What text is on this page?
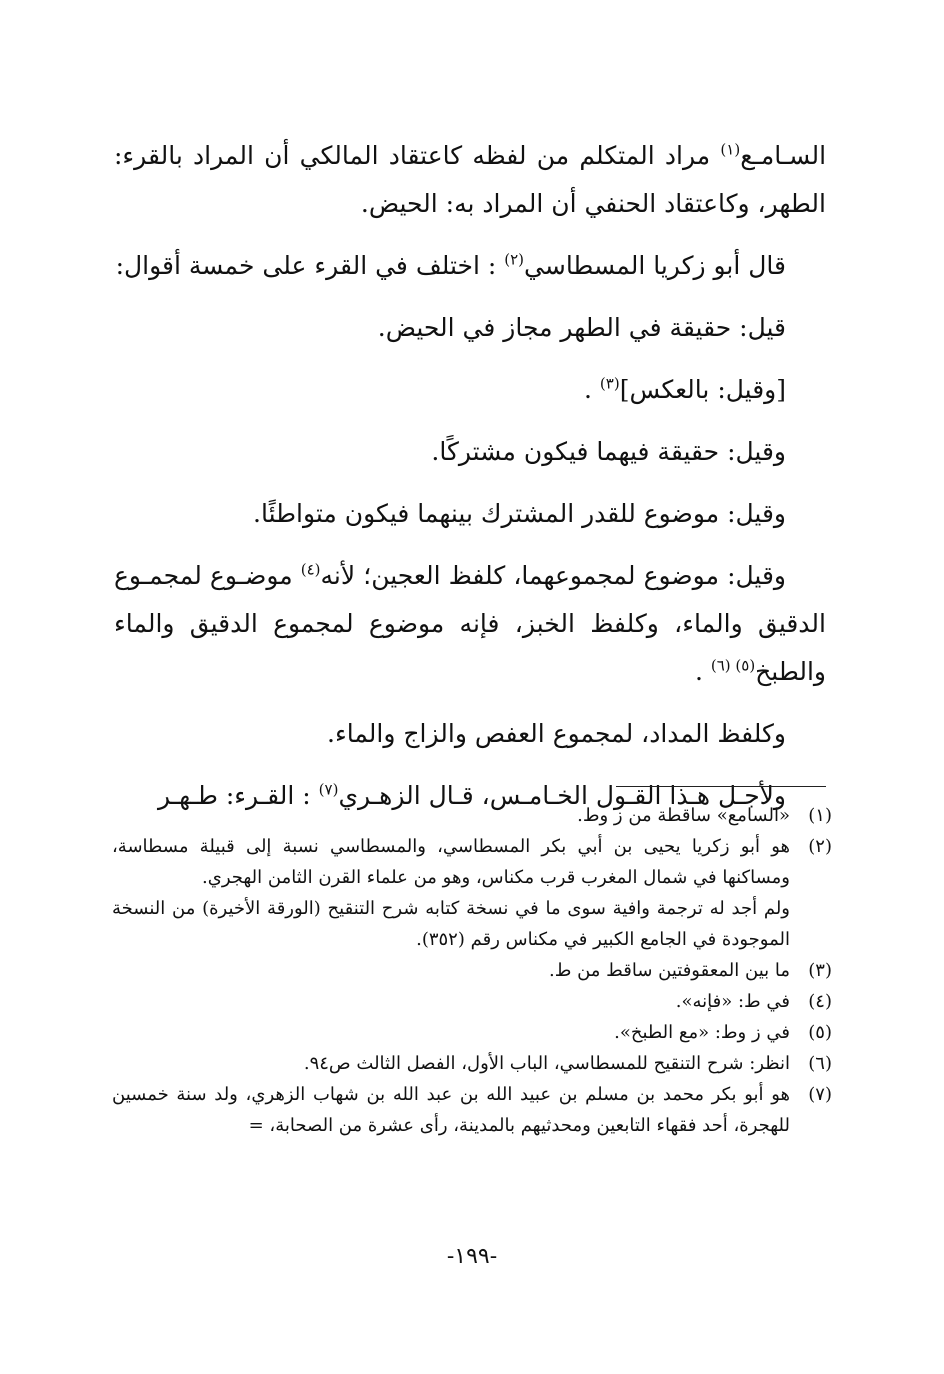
السـامـع$^{(١)}$ مراد المتكلم من لفظه كاعتقاد المالكي أن المراد بالقرء: الطهر، وكاعتقاد الحنفي أن المراد به: الحيض.

قال أبو زكريا المسطاسي$^{(٢)}$ : اختلف في القرء على خمسة أقوال:

قيل: حقيقة في الطهر مجاز في الحيض.

[وقيل: بالعكس]$^{(٣)}$ .

وقيل: حقيقة فيهما فيكون مشتركًا.

وقيل: موضوع للقدر المشترك بينهما فيكون متواطئًا.

وقيل: موضوع لمجموعهما، كلفظ العجين؛ لأنه$^{(٤)}$ موضـوع لمجمـوع الدقيق والماء، وكلفظ الخبز، فإنه موضوع لمجموع الدقيق والماء والطبخ$^{(٥) (٦)}$ .

وكلفظ المداد، لمجموع العفص والزاج والماء.

ولأجـل هـذا القـول الخـامـس، قـال الزهـري$^{(٧)}$ : القـرء: طـهـر

(١)
«السامع» ساقطة من ز وط.
(٢)
هو أبو زكريا يحيى بن أبي بكر المسطاسي، والمسطاسي نسبة إلى قبيلة مسطاسة، ومساكنها في شمال المغرب قرب مكناس، وهو من علماء القرن الثامن الهجري.
ولم أجد له ترجمة وافية سوى ما في نسخة كتابه شرح التنقيح (الورقة الأخيرة) من النسخة الموجودة في الجامع الكبير في مكناس رقم (٣٥٢).
(٣)
ما بين المعقوفتين ساقط من ط.
(٤)
في ط: «فإنه».
(٥)
في ز وط: «مع الطبخ».
(٦)
انظر: شرح التنقيح للمسطاسي، الباب الأول، الفصل الثالث ص٩٤.
(٧)
هو أبو بكر محمد بن مسلم بن عبيد الله بن عبد الله بن شهاب الزهري، ولد سنة خمسين للهجرة، أحد فقهاء التابعين ومحدثيهم بالمدينة، رأى عشرة من الصحابة، =
-١٩٩-
